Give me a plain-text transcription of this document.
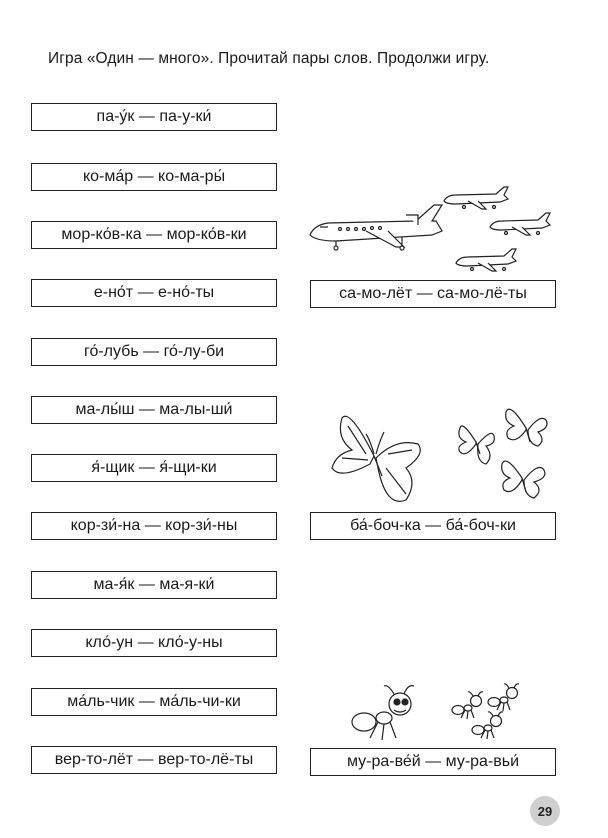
Игра «Один — много». Прочитай пары слов. Продолжи игру.
па-у́к — па-у-ки́
ко-ма́р — ко-ма-ры́
мор-ко́в-ка — мор-ко́в-ки
е-но́т — е-но́-ты
го́-лубь — го́-лу-би
ма-лы́ш — ма-лы-ши́
я́-щик — я́-щи-ки
кор-зи́-на — кор-зи́-ны
ма-я́к — ма-я-ки́
кло́-ун — кло́-у-ны
ма́ль-чик — ма́ль-чи-ки
вер-то-лёт — вер-то-лё-ты
са-мо-лёт — са-мо-лё-ты
ба́-боч-ка — ба́-боч-ки
му-ра-ве́й — му-ра-вьи́
29
